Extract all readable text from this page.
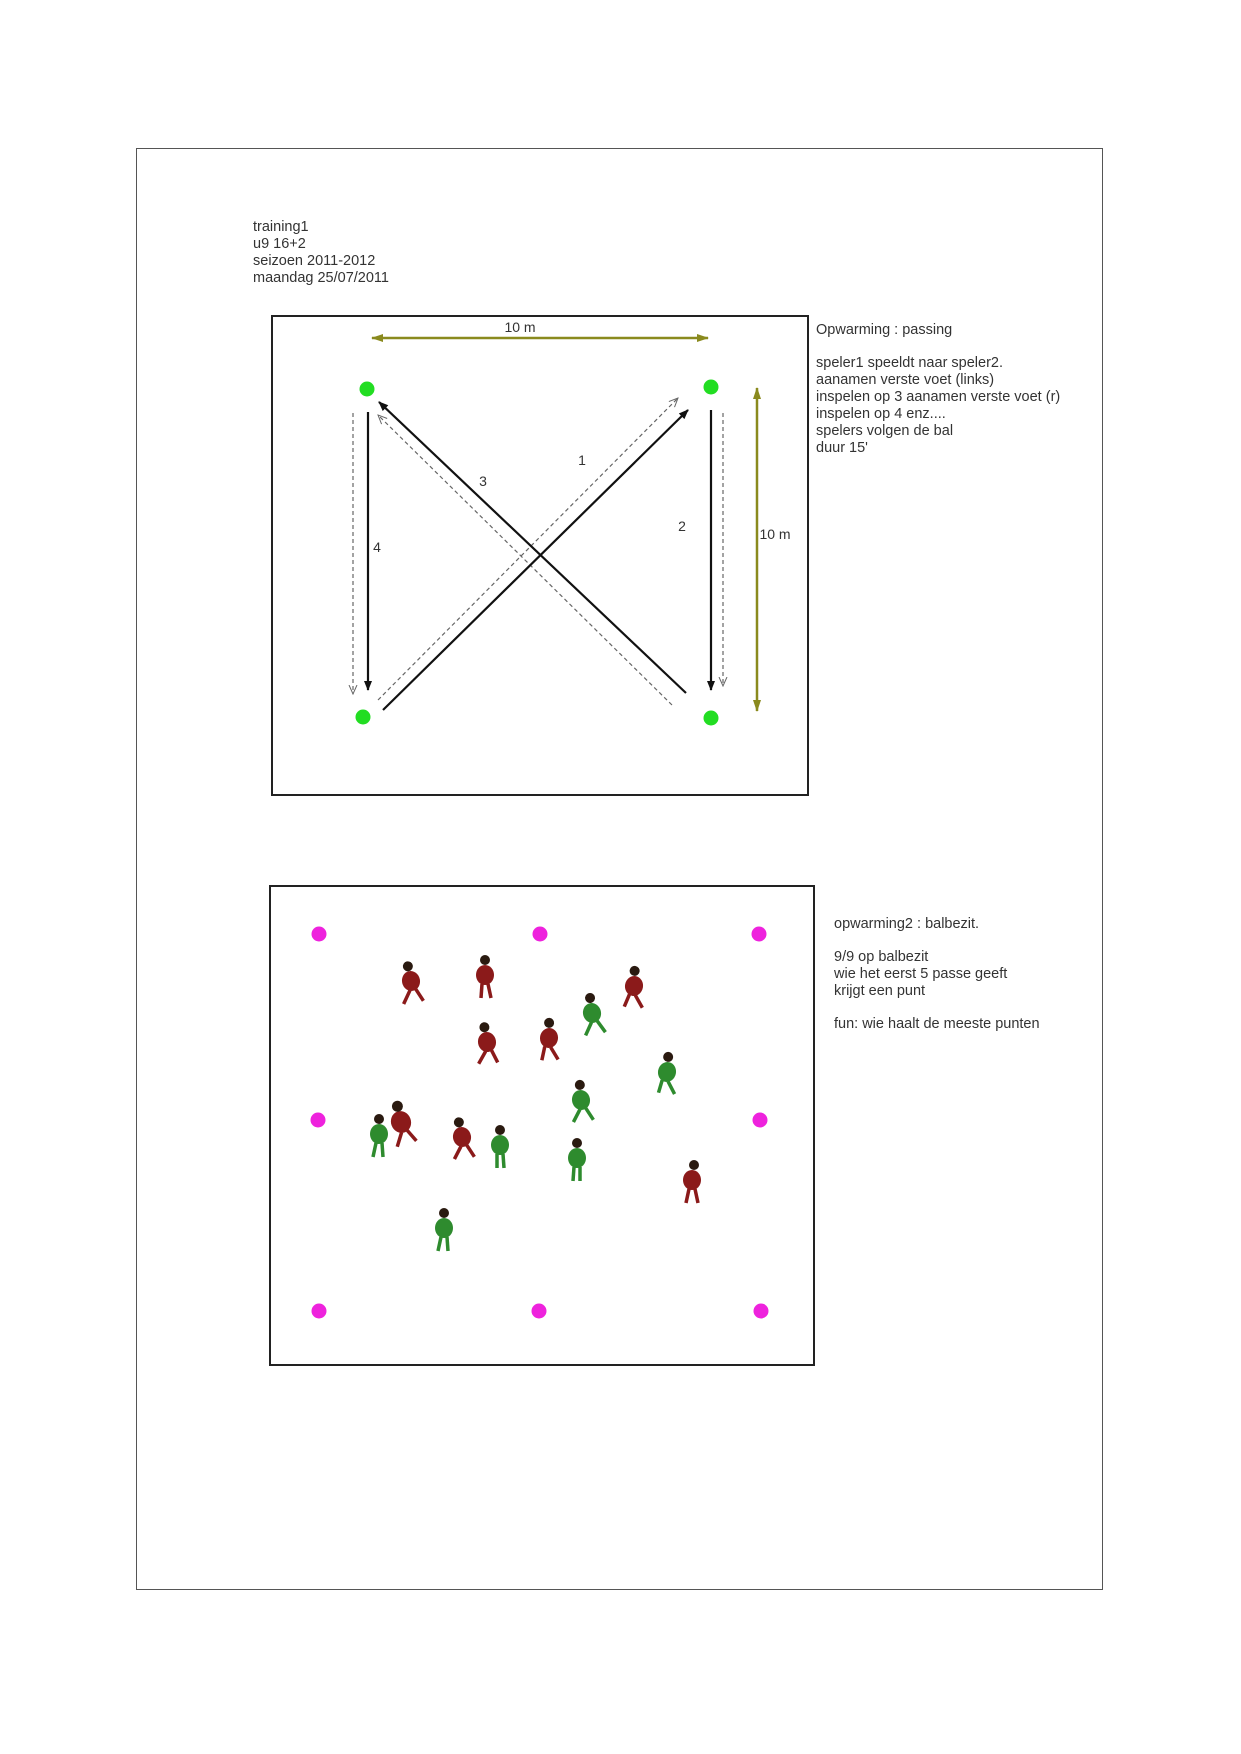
training1
u9 16+2
seizoen 2011-2012
maandag 25/07/2011
Opwarming : passing
speler1 speeldt naar speler2.
aanamen verste voet (links)
inspelen op 3 aanamen verste voet (r)
inspelen op 4 enz....
spelers volgen de bal
duur 15'
opwarming2 : balbezit.
9/9 op balbezit
wie het eerst 5 passe geeft
krijgt een punt
fun: wie haalt de meeste punten
10 m
10 m
1
2
3
4
